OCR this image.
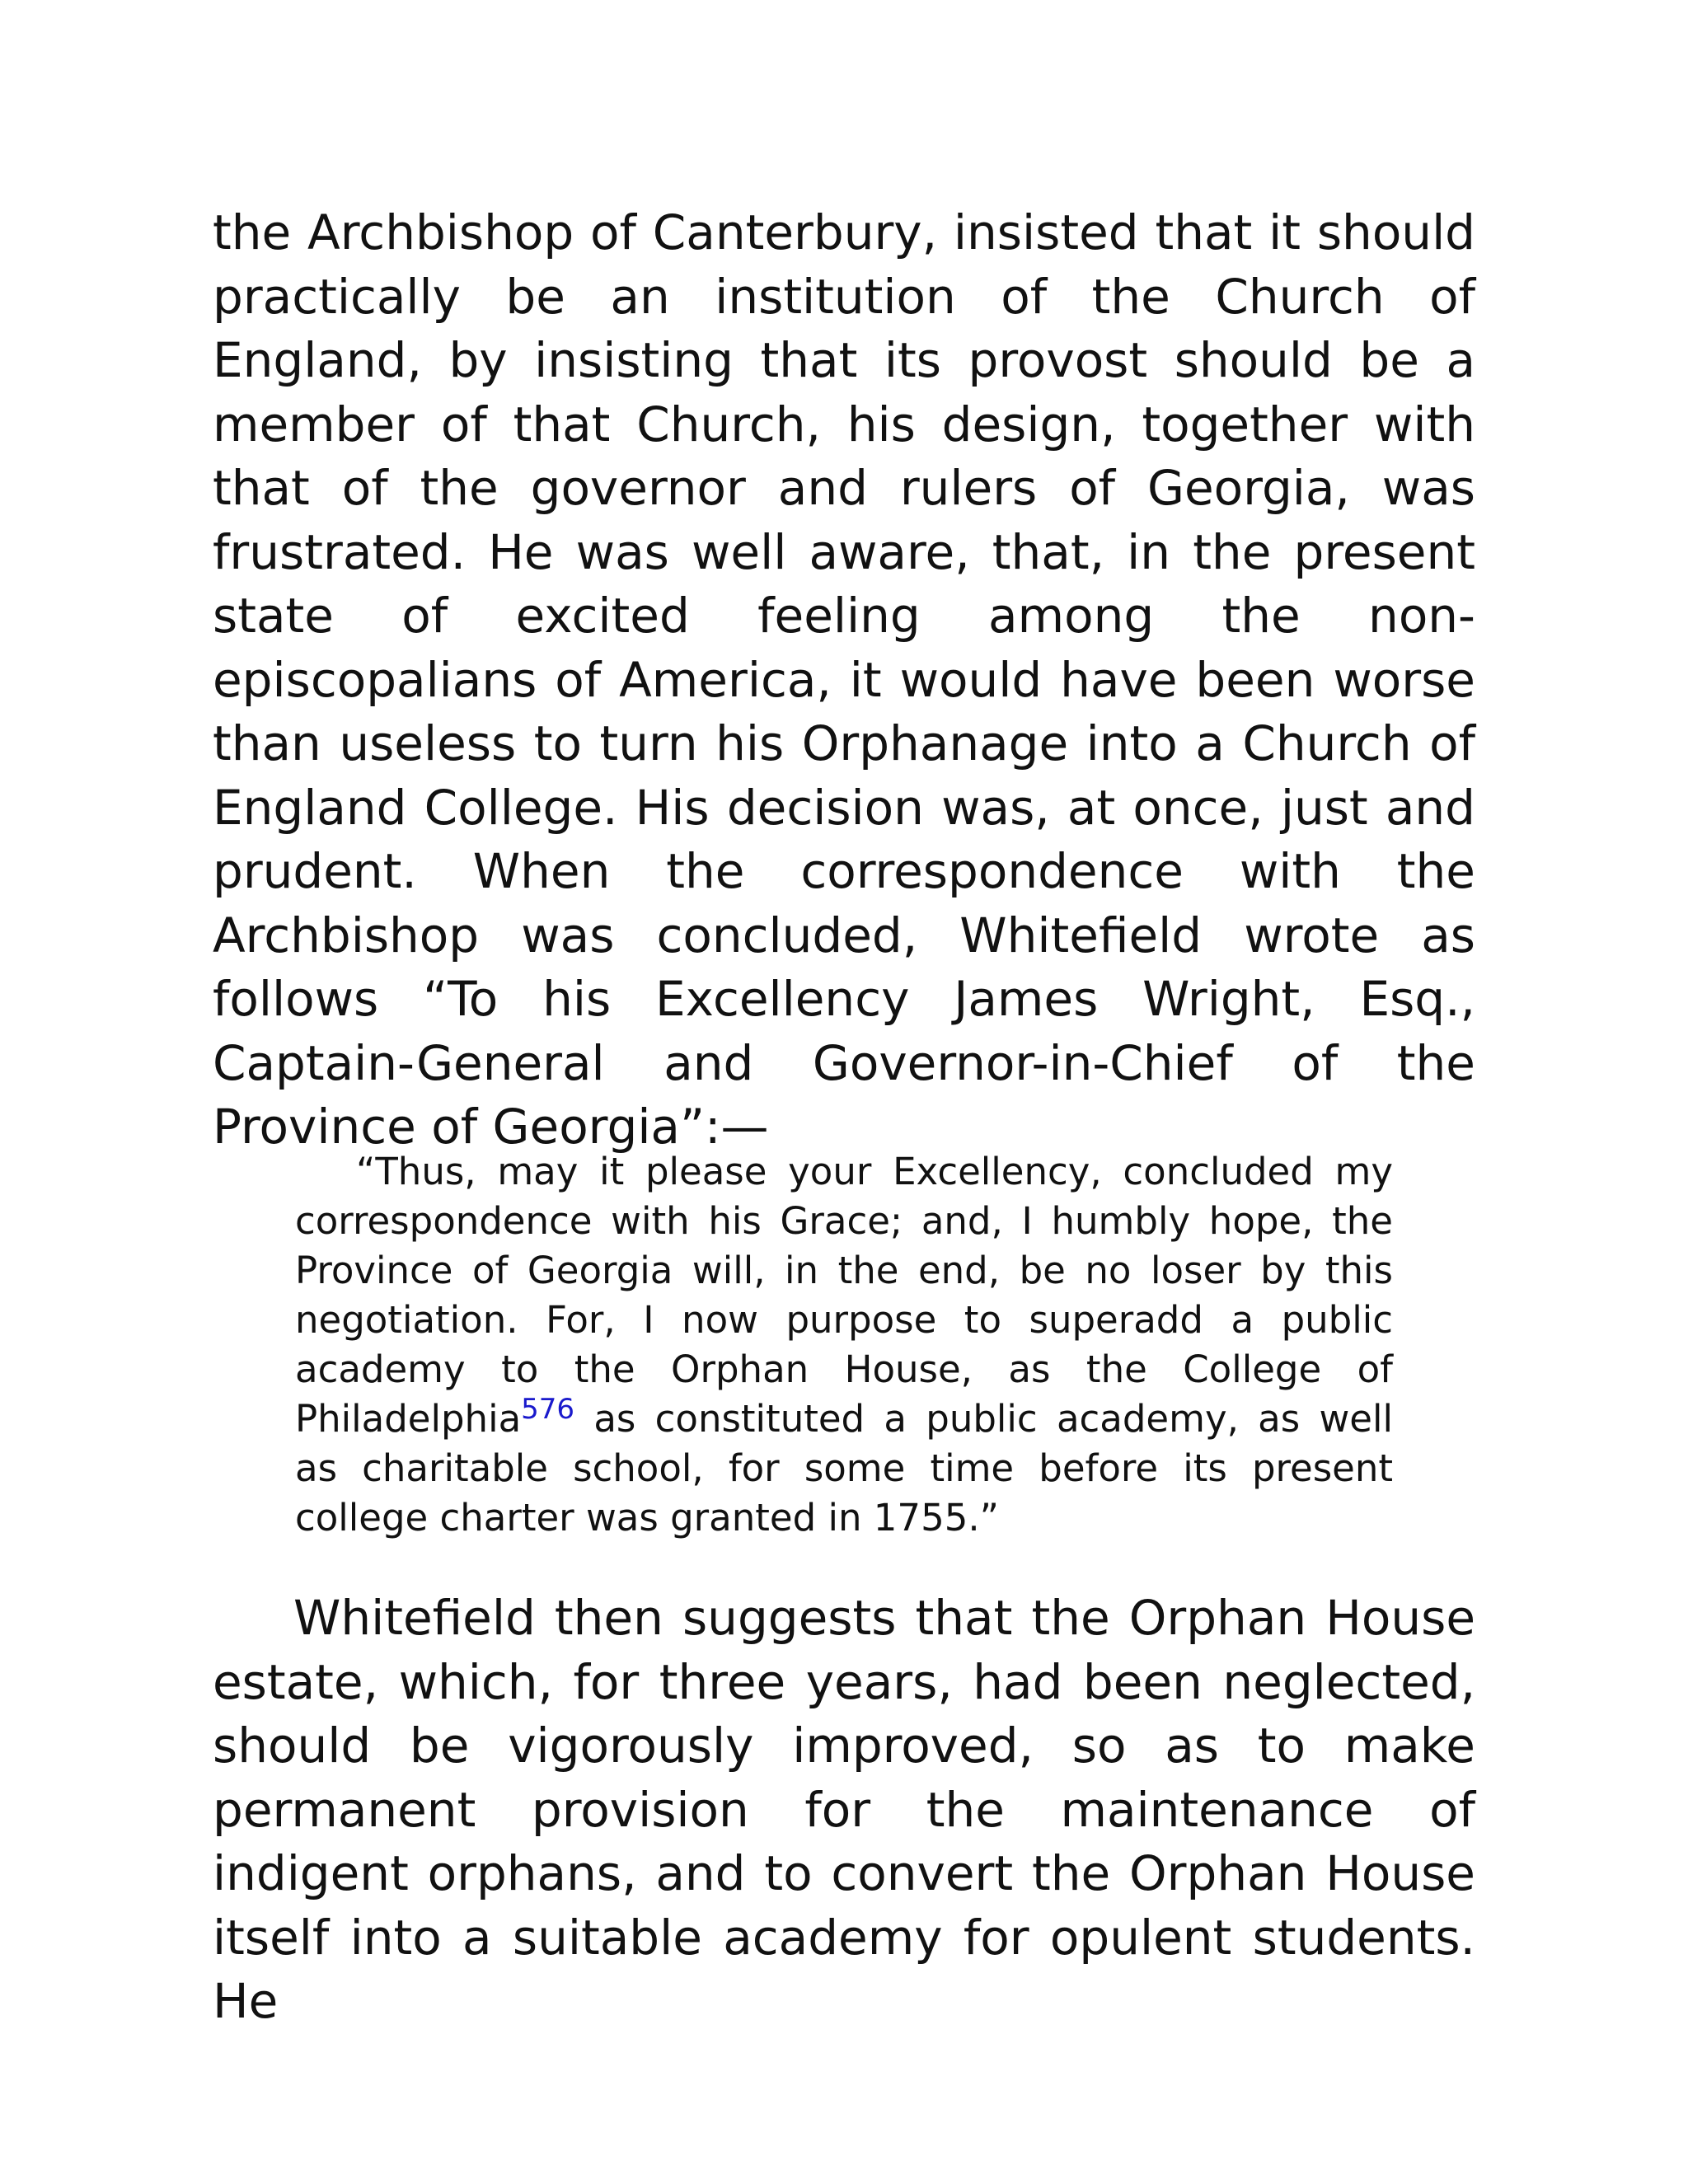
the Archbishop of Canterbury, insisted that it should practically be an institution of the Church of England, by insisting that its provost should be a member of that Church, his design, together with that of the governor and rulers of Georgia, was frustrated. He was well aware, that, in the present state of excited feeling among the non-episcopalians of America, it would have been worse than useless to turn his Orphanage into a Church of England College. His decision was, at once, just and prudent. When the correspondence with the Archbishop was concluded, Whitefield wrote as follows “To his Excellency James Wright, Esq., Captain-General and Governor-in-Chief of the Province of Georgia”:—

“Thus, may it please your Excellency, concluded my correspondence with his Grace; and, I humbly hope, the Province of Georgia will, in the end, be no loser by this negotiation. For, I now purpose to superadd a public academy to the Orphan House, as the College of Philadelphia$^{576}$ as constituted a public academy, as well as charitable school, for some time before its present college charter was granted in 1755.”

Whitefield then suggests that the Orphan House estate, which, for three years, had been neglected, should be vigorously improved, so as to make permanent provision for the maintenance of indigent orphans, and to convert the Orphan House itself into a suitable academy for opulent students. He
